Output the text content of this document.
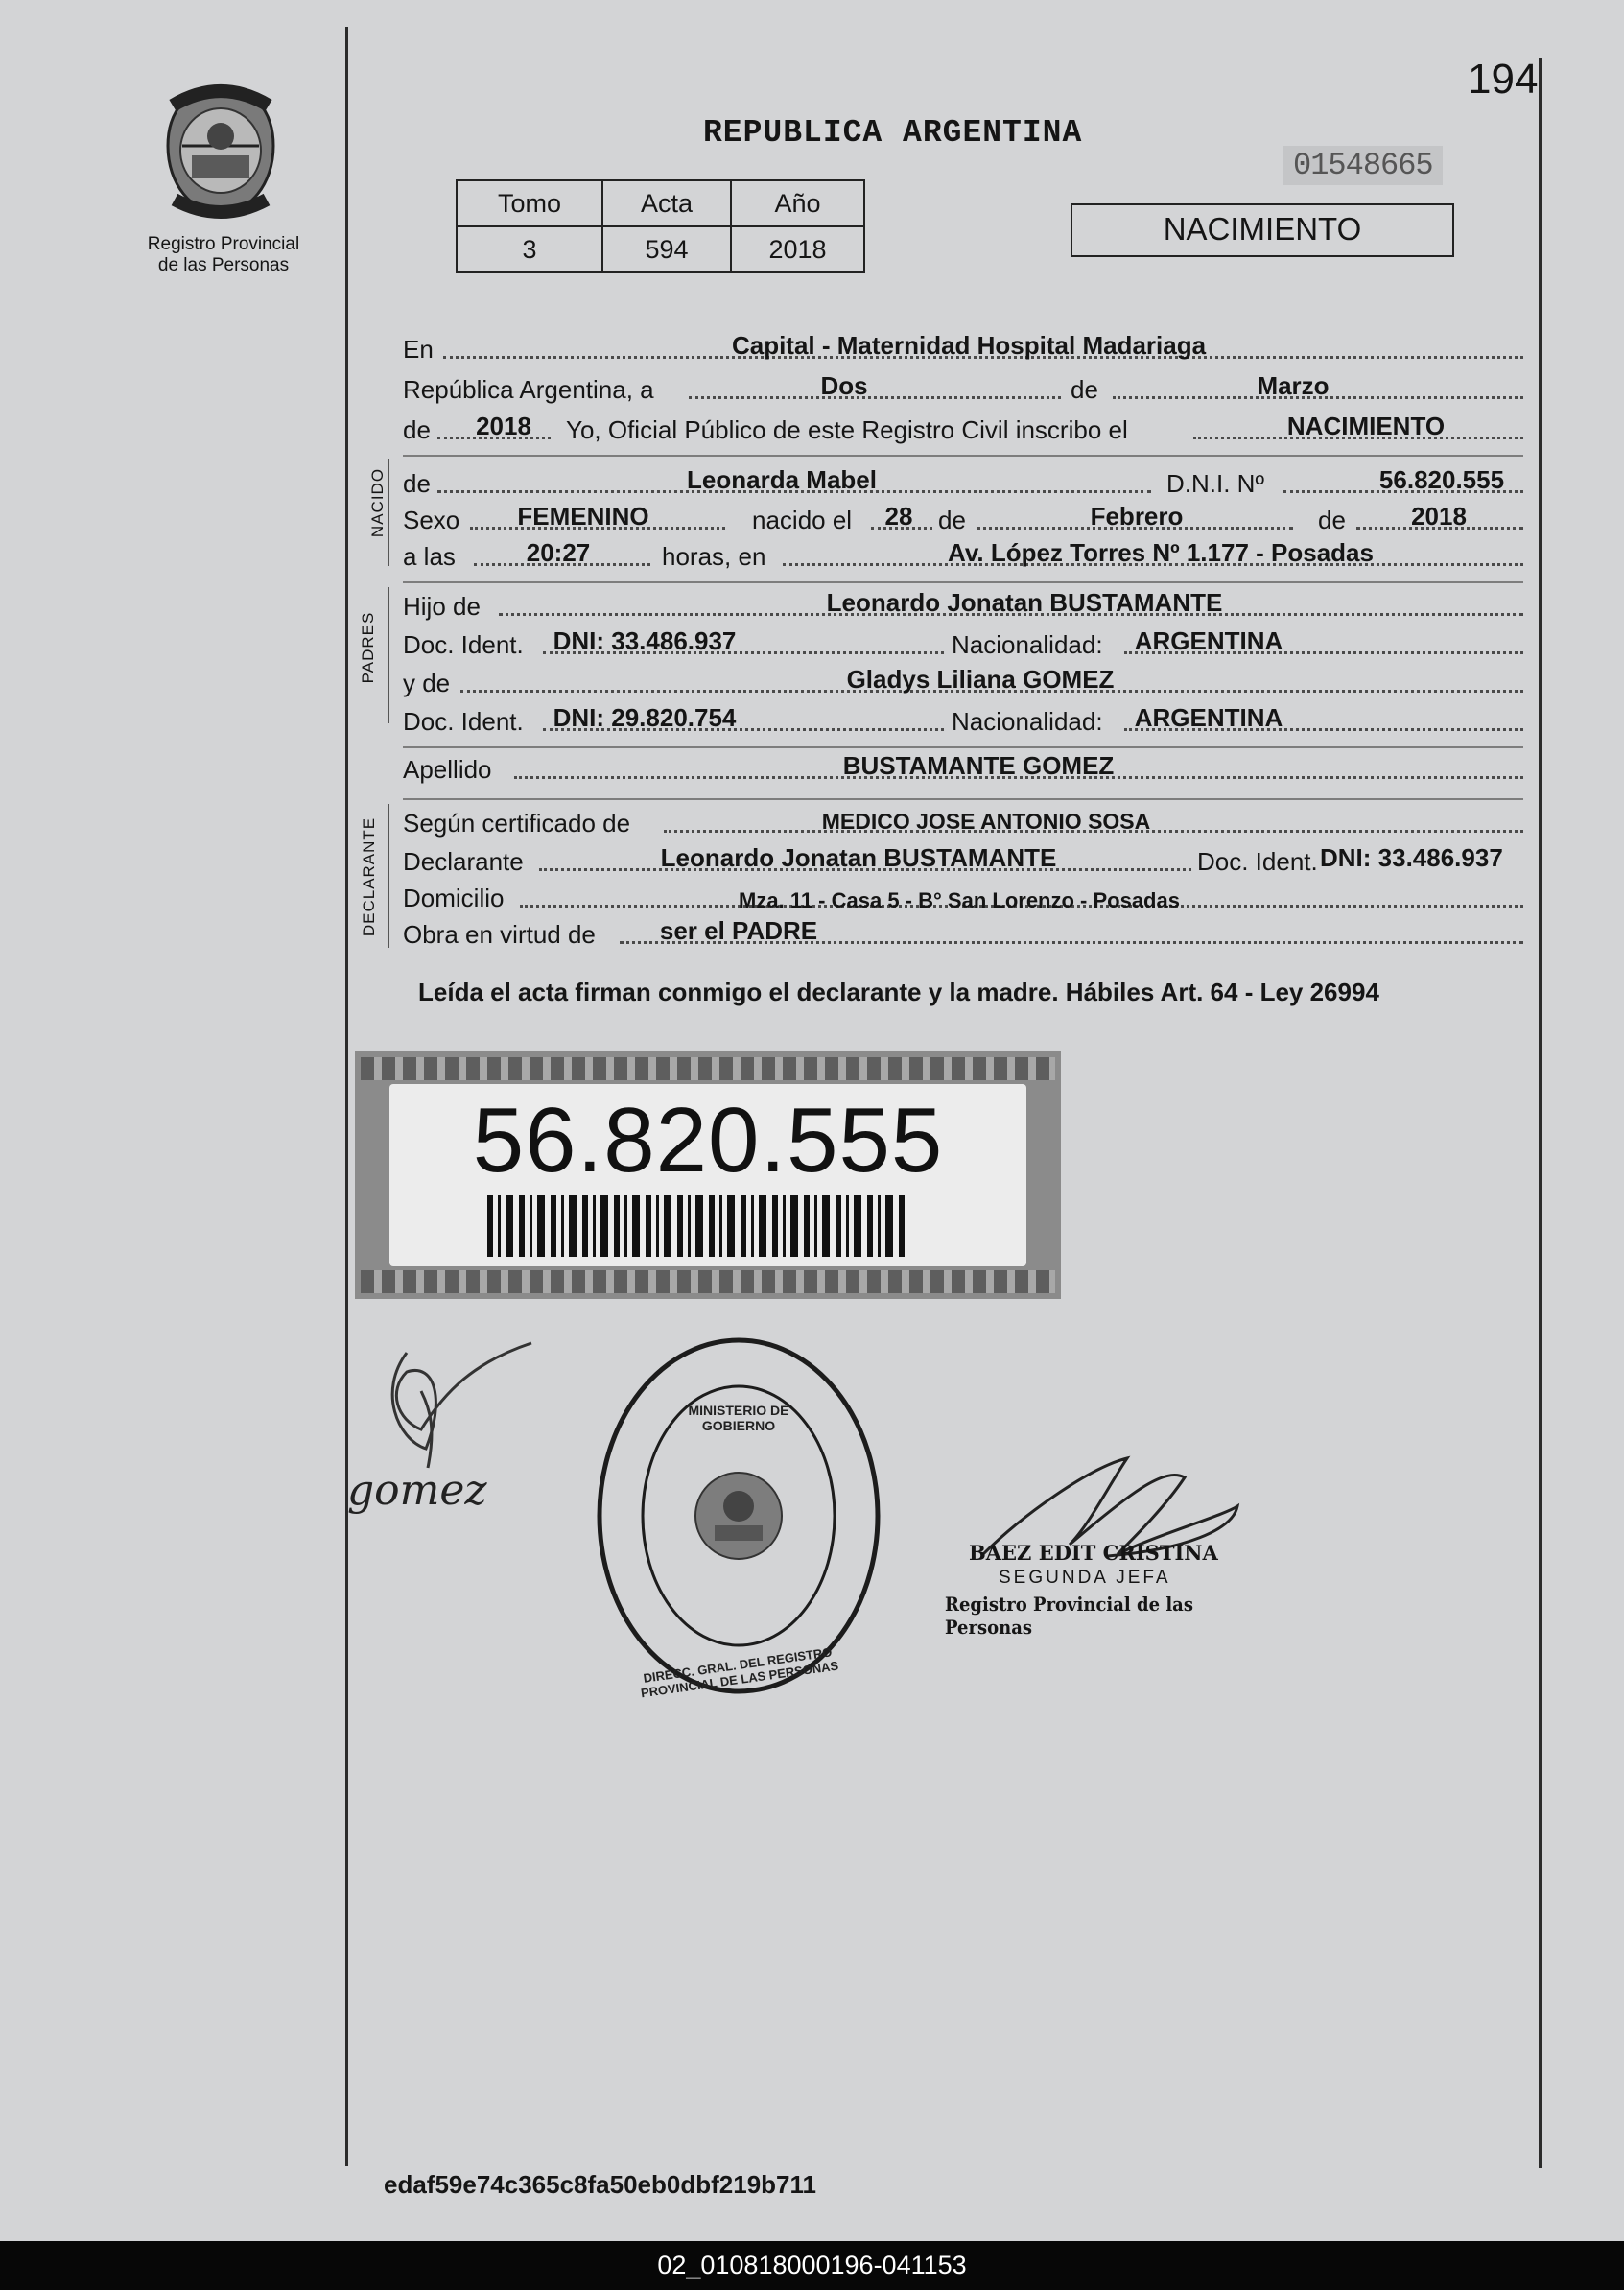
194
Registro Provincial
de las Personas
REPUBLICA ARGENTINA
01548665
Tomo	Acta	Año
3	594	2018
NACIMIENTO
En	Capital - Maternidad Hospital Madariaga
República Argentina, a	Dos	de	Marzo
de 2018 Yo, Oficial Público de este Registro Civil inscribo el	NACIMIENTO
NACIDO de	Leonarda Mabel	D.N.I. Nº	56.820.555
Sexo FEMENINO	nacido el 28 de	Febrero	de	2018
a las	20:27	horas, en	Av. López Torres Nº 1.177 - Posadas
PADRES
Hijo de	Leonardo Jonatan BUSTAMANTE
Doc. Ident. DNI: 33.486.937	Nacionalidad: ARGENTINA
y de	Gladys Liliana GOMEZ
Doc. Ident. DNI: 29.820.754	Nacionalidad: ARGENTINA
Apellido	BUSTAMANTE GOMEZ
DECLARANTE Según certificado de	MEDICO JOSE ANTONIO SOSA
Declarante	Leonardo Jonatan BUSTAMANTE	Doc. Ident. DNI: 33.486.937
Domicilio	Mza. 11 - Casa 5 - B° San Lorenzo - Posadas
Obra en virtud de	ser el PADRE
Leída el acta firman conmigo el declarante y la madre. Hábiles Art. 64 - Ley 26994
56.820.555
gomez
DIRECC. GRAL. DEL REGISTRO PROVINCIAL DE LAS PERSONAS
MINISTERIO DE GOBIERNO
BAEZ EDIT CRISTINA
SEGUNDA JEFA
Registro Provincial de las Personas
edaf59e74c365c8fa50eb0dbf219b711
02_010818000196-041153
